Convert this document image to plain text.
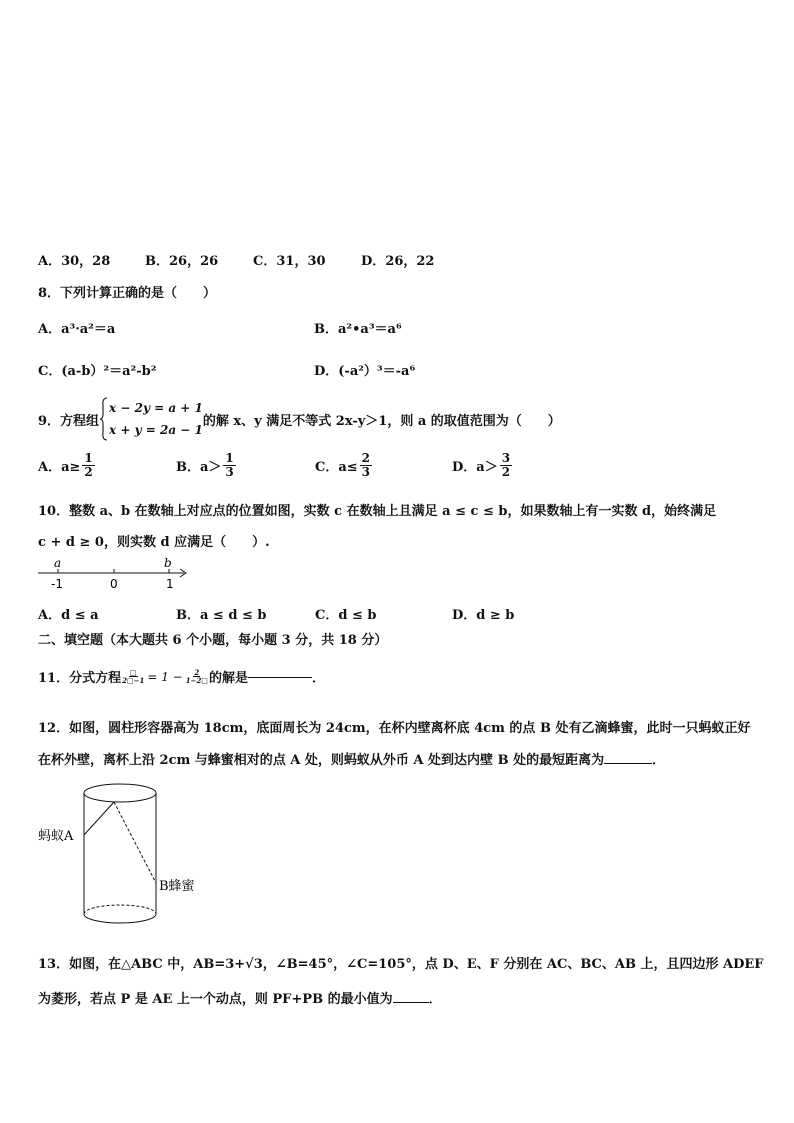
A．30，28	B．26，26	C．31，30	D．26，22
8．下列计算正确的是（　　）
A．a³·a²＝a	B．a²•a³＝a⁶
C．(a-b）²＝a²-b²	D．(-a²）³＝-a⁶
9．方程组
x − 2y = a + 1
x + y = 2a − 1
的解 x、y 满足不等式 2x-y＞1，则 a 的取值范围为（　　）
A．$a\ge \frac{1}{2}$	B．$a> \frac{1}{3}$	C．$a\le \frac{2}{3}$	D．$a> \frac{3}{2}$
10．整数 a、b 在数轴上对应点的位置如图，实数 c 在数轴上且满足 a ≤ c ≤ b，如果数轴上有一实数 d，始终满足
c + d ≥ 0，则实数 d 应满足（　　）.
a	b
-1	0	1
A．d ≤ a	B．a ≤ d ≤ b	C．d ≤ b	D．d ≥ b
二、填空题（本大题共 6 个小题，每小题 3 分，共 18 分）
11．分式方程 □
2□−1 = $1 - \frac{2}{1-2□}$ 的解是	．
12．如图，圆柱形容器高为 18cm，底面周长为 24cm，在杯内壁离杯底 4cm 的点 B 处有乙滴蜂蜜，此时一只蚂蚁正好
在杯外壁，离杯上沿 2cm 与蜂蜜相对的点 A 处，则蚂蚁从外币 A 处到达内壁 B 处的最短距离为	．
蚂蚁A
B蜂蜜
13．如图，在△ABC 中，AB=3+√3，∠B=45°，∠C=105°，点 D、E、F 分别在 AC、BC、AB 上，且四边形 ADEF
为菱形，若点 P 是 AE 上一个动点，则 PF+PB 的最小值为	．
